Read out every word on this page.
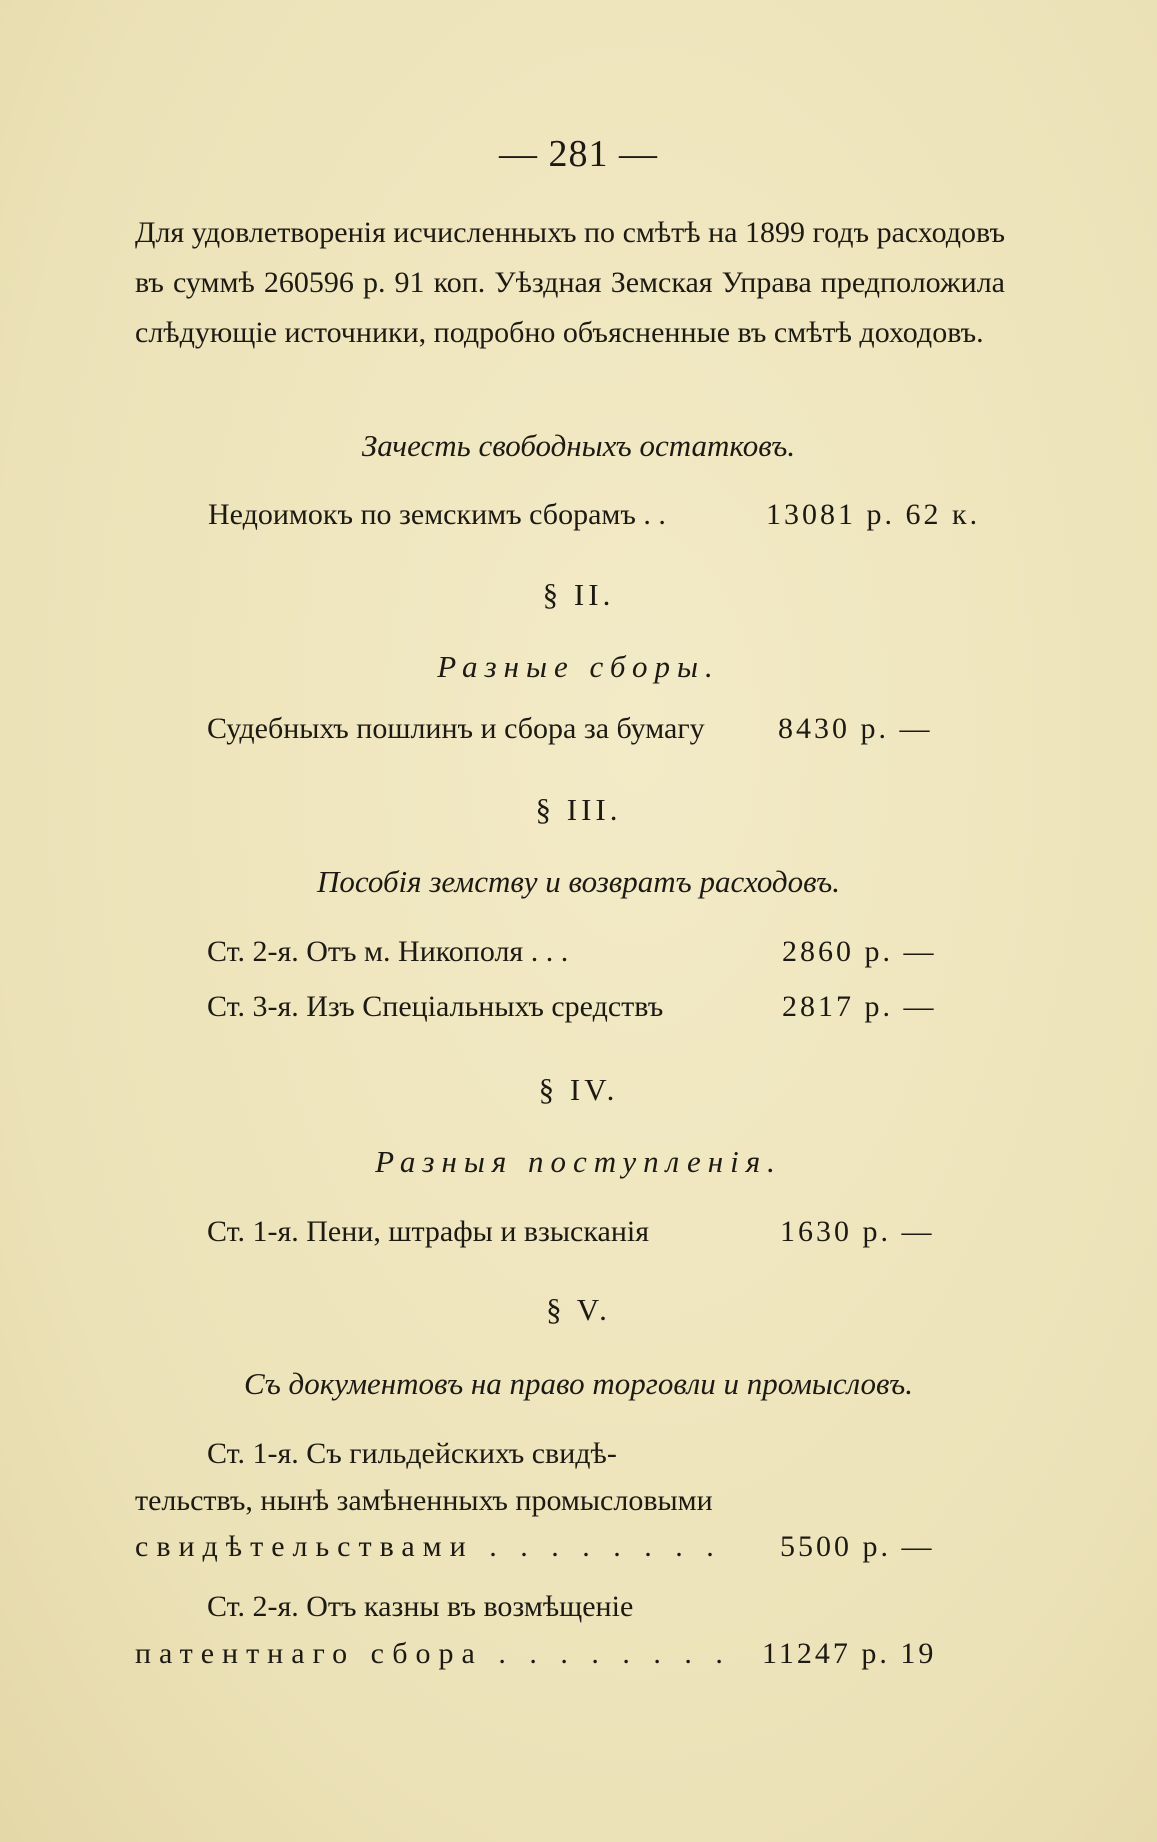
— 281 —
Для удовлетворенія исчисленныхъ по смѣтѣ на 1899 годъ расходовъ въ суммѣ 260596 р. 91 коп. Уѣздная Земская Управа предположила слѣдующіе источники, подробно объясненные въ смѣтѣ доходовъ.
Зачесть свободныхъ остатковъ.
Недоимокъ по земскимъ сборамъ . .	13081 р. 62 к.
§ II.
Разные сборы.
Судебныхъ пошлинъ и сбора за бумагу 8430 р. —
§ III.
Пособія земству и возвратъ расходовъ.
Ст. 2-я. Отъ м. Никополя . . .	2860 р. —
Ст. 3-я. Изъ Спеціальныхъ средствъ	2817 р. —
§ IV.
Разныя поступленія.
Ст. 1-я. Пени, штрафы и взысканія	1630 р. —
§ V.
Съ документовъ на право торговли и промысловъ.
Ст. 1-я. Съ гильдейскихъ свидѣ-
тельствъ, нынѣ замѣненныхъ промысловыми
свидѣтельствами . . . . . . . . 5500 р. —
Ст. 2-я. Отъ казны въ возмѣщеніе
патентнаго сбора . . . . . . . . 11247 р. 19
